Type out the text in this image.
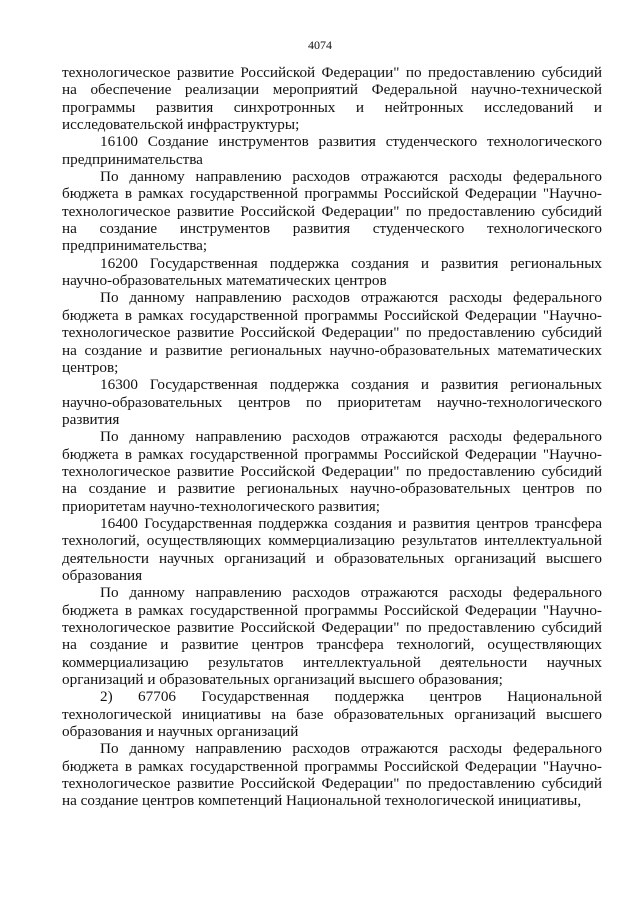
4074

технологическое развитие Российской Федерации" по предоставлению субсидий на обеспечение реализации мероприятий Федеральной научно-технической программы развития синхротронных и нейтронных исследований и исследовательской инфраструктуры;

16100 Создание инструментов развития студенческого технологического предпринимательства

По данному направлению расходов отражаются расходы федерального бюджета в рамках государственной программы Российской Федерации "Научно-технологическое развитие Российской Федерации" по предоставлению субсидий на создание инструментов развития студенческого технологического предпринимательства;

16200 Государственная поддержка создания и развития региональных научно-образовательных математических центров

По данному направлению расходов отражаются расходы федерального бюджета в рамках государственной программы Российской Федерации "Научно-технологическое развитие Российской Федерации" по предоставлению субсидий на создание и развитие региональных научно-образовательных математических центров;

16300 Государственная поддержка создания и развития региональных научно-образовательных центров по приоритетам научно-технологического развития

По данному направлению расходов отражаются расходы федерального бюджета в рамках государственной программы Российской Федерации "Научно-технологическое развитие Российской Федерации" по предоставлению субсидий на создание и развитие региональных научно-образовательных центров по приоритетам научно-технологического развития;

16400 Государственная поддержка создания и развития центров трансфера технологий, осуществляющих коммерциализацию результатов интеллектуальной деятельности научных организаций и образовательных организаций высшего образования

По данному направлению расходов отражаются расходы федерального бюджета в рамках государственной программы Российской Федерации "Научно-технологическое развитие Российской Федерации" по предоставлению субсидий на создание и развитие центров трансфера технологий, осуществляющих коммерциализацию результатов интеллектуальной деятельности научных организаций и образовательных организаций высшего образования;

2) 67706 Государственная поддержка центров Национальной технологической инициативы на базе образовательных организаций высшего образования и научных организаций

По данному направлению расходов отражаются расходы федерального бюджета в рамках государственной программы Российской Федерации "Научно-технологическое развитие Российской Федерации" по предоставлению субсидий на создание центров компетенций Национальной технологической инициативы,
